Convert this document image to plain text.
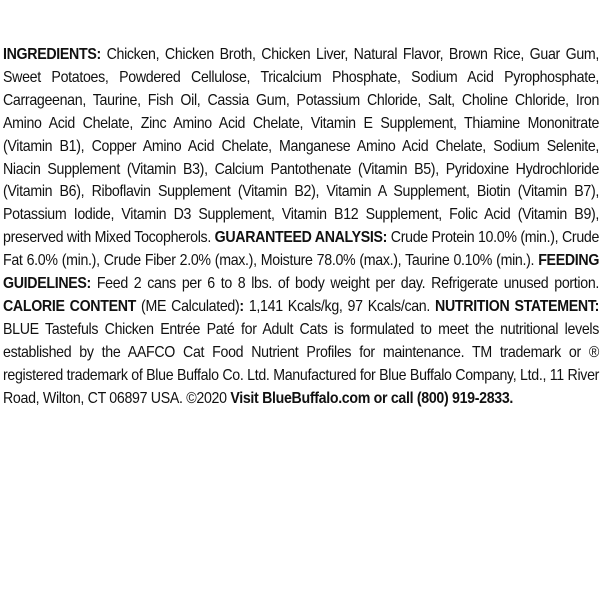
INGREDIENTS: Chicken, Chicken Broth, Chicken Liver, Natural Flavor, Brown Rice, Guar Gum, Sweet Potatoes, Powdered Cellulose, Tricalcium Phosphate, Sodium Acid Pyrophosphate, Carrageenan, Taurine, Fish Oil, Cassia Gum, Potassium Chloride, Salt, Choline Chloride, Iron Amino Acid Chelate, Zinc Amino Acid Chelate, Vitamin E Supplement, Thiamine Mononitrate (Vitamin B1), Copper Amino Acid Chelate, Manganese Amino Acid Chelate, Sodium Selenite, Niacin Supplement (Vitamin B3), Calcium Pantothenate (Vitamin B5), Pyridoxine Hydrochloride (Vitamin B6), Riboflavin Supplement (Vitamin B2), Vitamin A Supplement, Biotin (Vitamin B7), Potassium Iodide, Vitamin D3 Supplement, Vitamin B12 Supplement, Folic Acid (Vitamin B9), preserved with Mixed Tocopherols. GUARANTEED ANALYSIS: Crude Protein 10.0% (min.), Crude Fat 6.0% (min.), Crude Fiber 2.0% (max.), Moisture 78.0% (max.), Taurine 0.10% (min.). FEEDING GUIDELINES: Feed 2 cans per 6 to 8 lbs. of body weight per day. Refrigerate unused portion. CALORIE CONTENT (ME Calculated): 1,141 Kcals/kg, 97 Kcals/can. NUTRITION STATEMENT: BLUE Tastefuls Chicken Entrée Paté for Adult Cats is formulated to meet the nutritional levels established by the AAFCO Cat Food Nutrient Profiles for maintenance. TM trademark or ® registered trademark of Blue Buffalo Co. Ltd. Manufactured for Blue Buffalo Company, Ltd., 11 River Road, Wilton, CT 06897 USA. ©2020 Visit BlueBuffalo.com or call (800) 919-2833.
